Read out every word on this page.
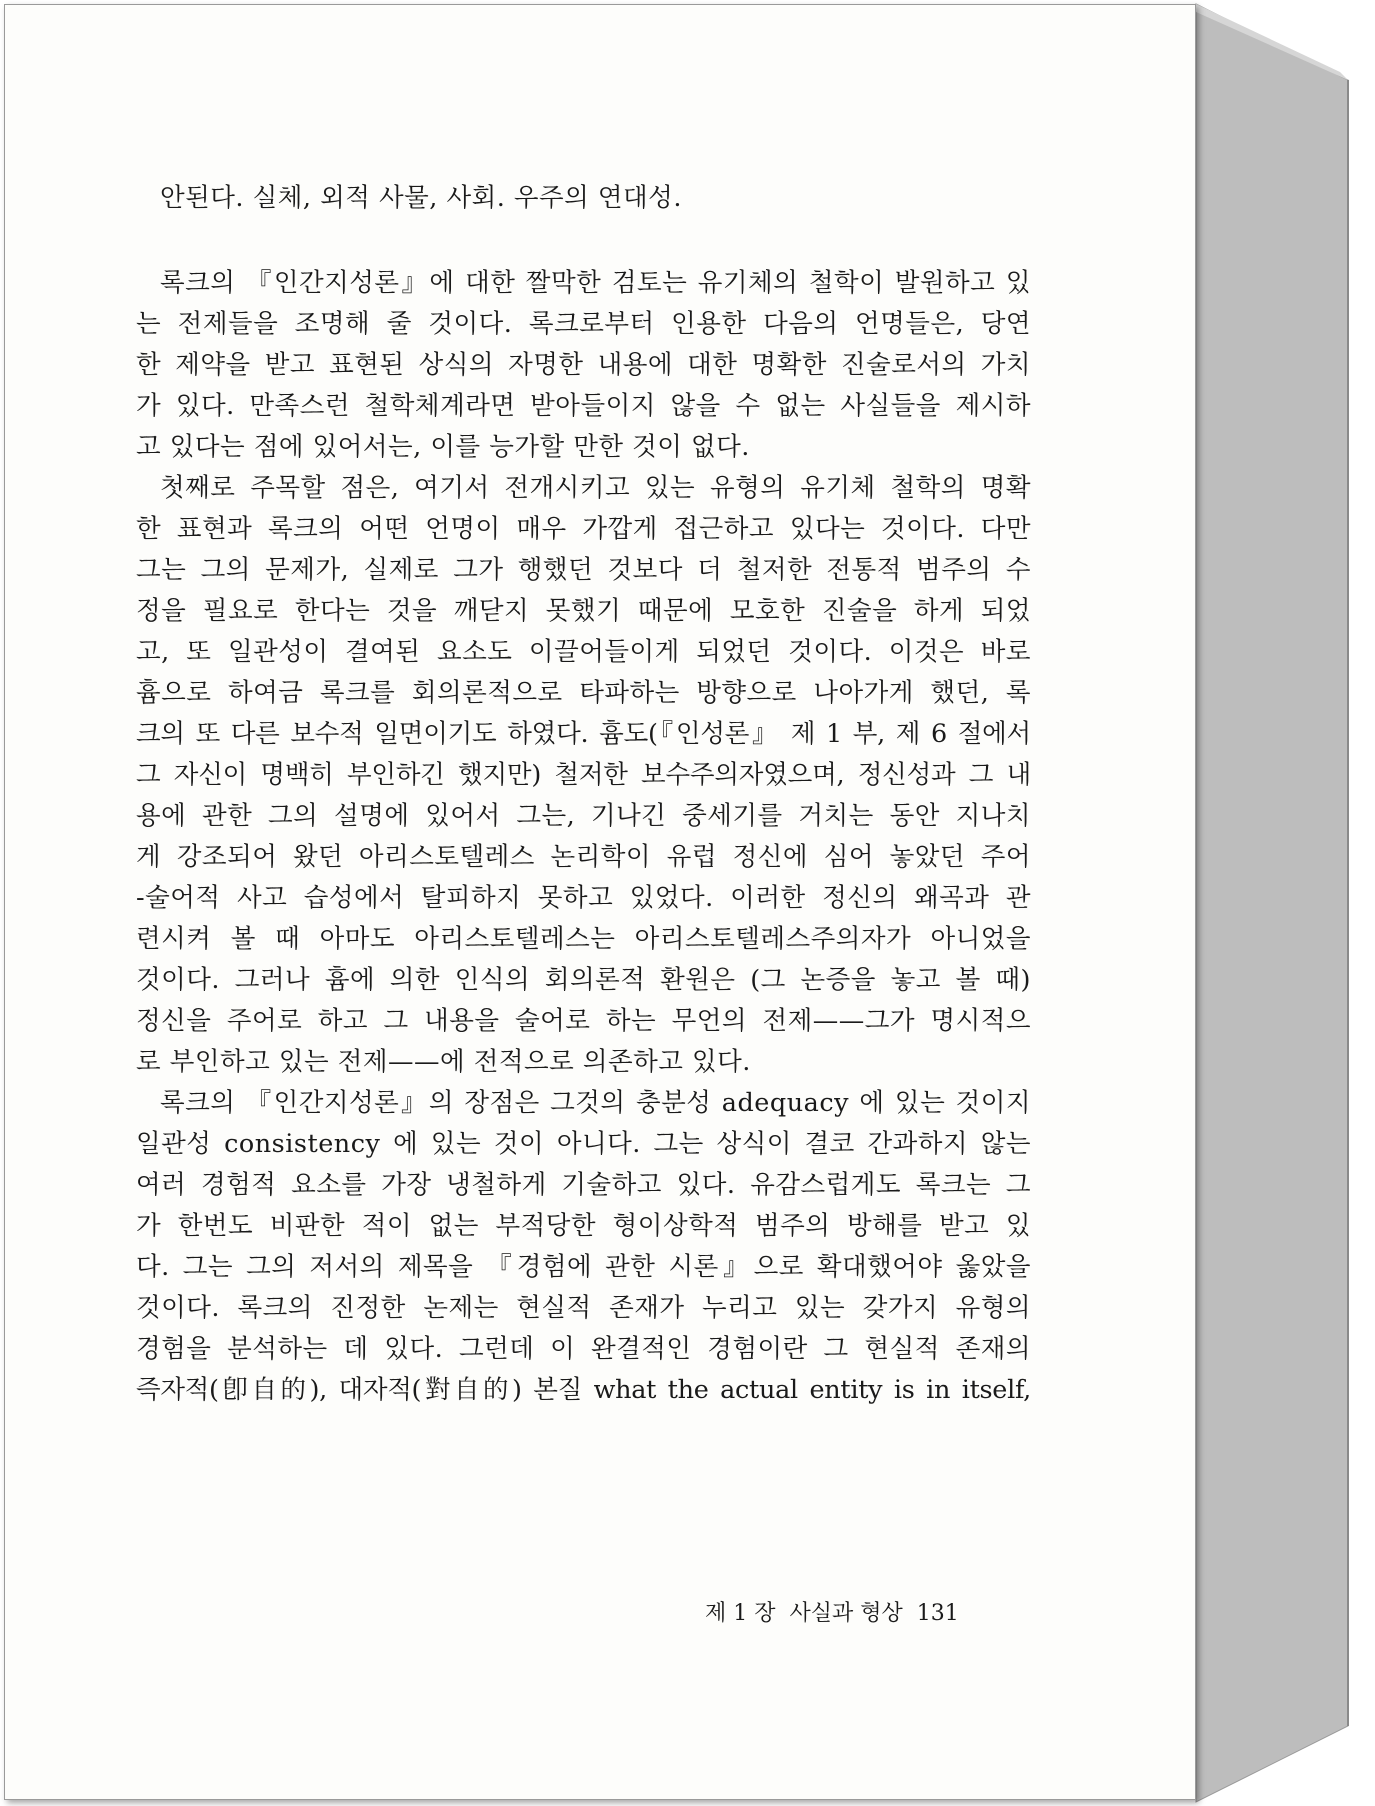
안된다. 실체, 외적 사물, 사회. 우주의 연대성.
록크의 『인간지성론』에 대한 짤막한 검토는 유기체의 철학이 발원하고 있
는 전제들을 조명해 줄 것이다. 록크로부터 인용한 다음의 언명들은, 당연
한 제약을 받고 표현된 상식의 자명한 내용에 대한 명확한 진술로서의 가치
가 있다. 만족스런 철학체계라면 받아들이지 않을 수 없는 사실들을 제시하
고 있다는 점에 있어서는, 이를 능가할 만한 것이 없다.
첫째로 주목할 점은, 여기서 전개시키고 있는 유형의 유기체 철학의 명확
한 표현과 록크의 어떤 언명이 매우 가깝게 접근하고 있다는 것이다. 다만
그는 그의 문제가, 실제로 그가 행했던 것보다 더 철저한 전통적 범주의 수
정을 필요로 한다는 것을 깨닫지 못했기 때문에 모호한 진술을 하게 되었
고, 또 일관성이 결여된 요소도 이끌어들이게 되었던 것이다. 이것은 바로
흄으로 하여금 록크를 회의론적으로 타파하는 방향으로 나아가게 했던, 록
크의 또 다른 보수적 일면이기도 하였다. 흄도(『인성론』 제 1 부, 제 6 절에서
그 자신이 명백히 부인하긴 했지만) 철저한 보수주의자였으며, 정신성과 그 내
용에 관한 그의 설명에 있어서 그는, 기나긴 중세기를 거치는 동안 지나치
게 강조되어 왔던 아리스토텔레스 논리학이 유럽 정신에 심어 놓았던 주어
-술어적 사고 습성에서 탈피하지 못하고 있었다. 이러한 정신의 왜곡과 관
련시켜 볼 때 아마도 아리스토텔레스는 아리스토텔레스주의자가 아니었을
것이다. 그러나 흄에 의한 인식의 회의론적 환원은 (그 논증을 놓고 볼 때)
정신을 주어로 하고 그 내용을 술어로 하는 무언의 전제——그가 명시적으
로 부인하고 있는 전제——에 전적으로 의존하고 있다.
록크의 『인간지성론』의 장점은 그것의 충분성 adequacy 에 있는 것이지
일관성 consistency 에 있는 것이 아니다. 그는 상식이 결코 간과하지 않는
여러 경험적 요소를 가장 냉철하게 기술하고 있다. 유감스럽게도 록크는 그
가 한번도 비판한 적이 없는 부적당한 형이상학적 범주의 방해를 받고 있
다. 그는 그의 저서의 제목을 『경험에 관한 시론』으로 확대했어야 옳았을
것이다. 록크의 진정한 논제는 현실적 존재가 누리고 있는 갖가지 유형의
경험을 분석하는 데 있다. 그런데 이 완결적인 경험이란 그 현실적 존재의
즉자적(卽自的), 대자적(對自的) 본질 what the actual entity is in itself,
제 1 장 사실과 형상 131
